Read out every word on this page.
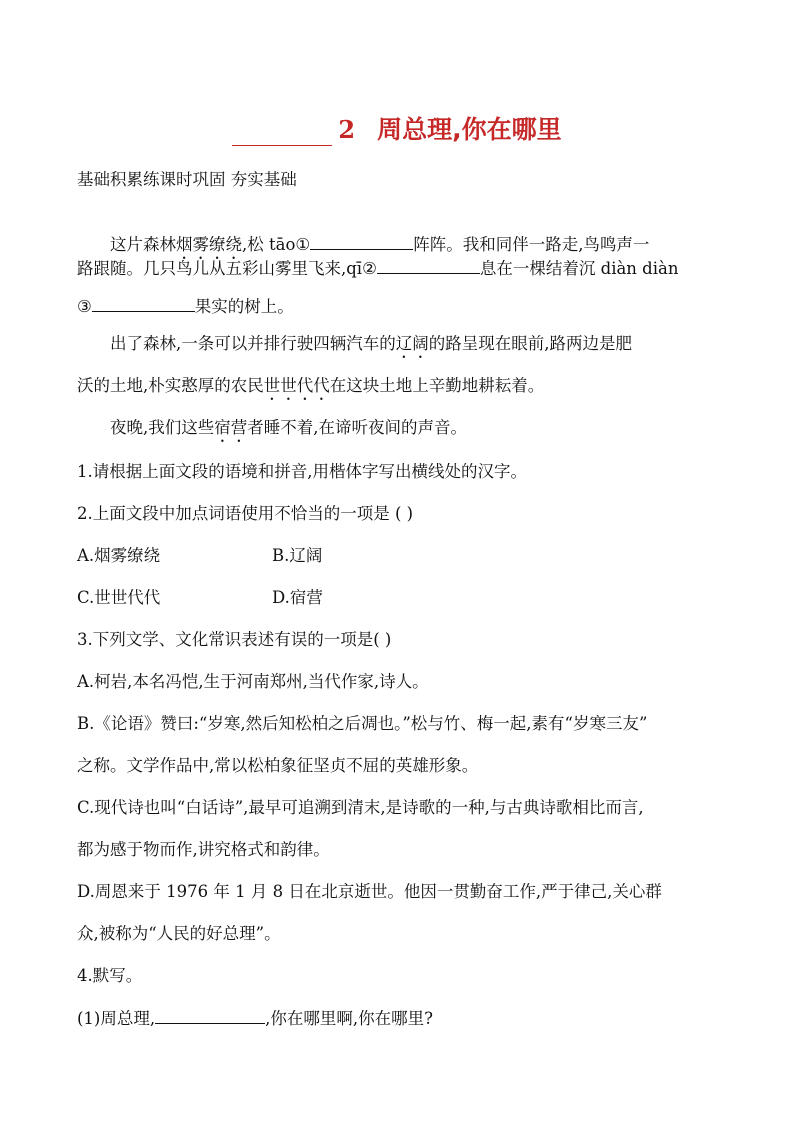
2 周总理,你在哪里
基础积累练课时巩固 夯实基础
这片森林烟雾缭绕,松 tāo①	阵阵。我和同伴一路走,鸟鸣声一
路跟随。几只鸟儿从五彩山雾里飞来,qī②	息在一棵结着沉 diàn diàn
③	果实的树上。
出了森林,一条可以并排行驶四辆汽车的辽阔的路呈现在眼前,路两边是肥
沃的土地,朴实憨厚的农民世世代代在这块土地上辛勤地耕耘着。
夜晚,我们这些宿营者睡不着,在谛听夜间的声音。
1.请根据上面文段的语境和拼音,用楷体字写出横线处的汉字。
2.上面文段中加点词语使用不恰当的一项是 ( )
A.烟雾缭绕	B.辽阔
C.世世代代	D.宿营
3.下列文学、文化常识表述有误的一项是( )
A.柯岩,本名冯恺,生于河南郑州,当代作家,诗人。
B.《论语》赞曰:“岁寒,然后知松柏之后凋也。”松与竹、梅一起,素有“岁寒三友”
之称。文学作品中,常以松柏象征坚贞不屈的英雄形象。
C.现代诗也叫“白话诗”,最早可追溯到清末,是诗歌的一种,与古典诗歌相比而言,
都为感于物而作,讲究格式和韵律。
D.周恩来于 1976 年 1 月 8 日在北京逝世。他因一贯勤奋工作,严于律己,关心群
众,被称为“人民的好总理”。
4.默写。
(1)周总理,	,你在哪里啊,你在哪里?
